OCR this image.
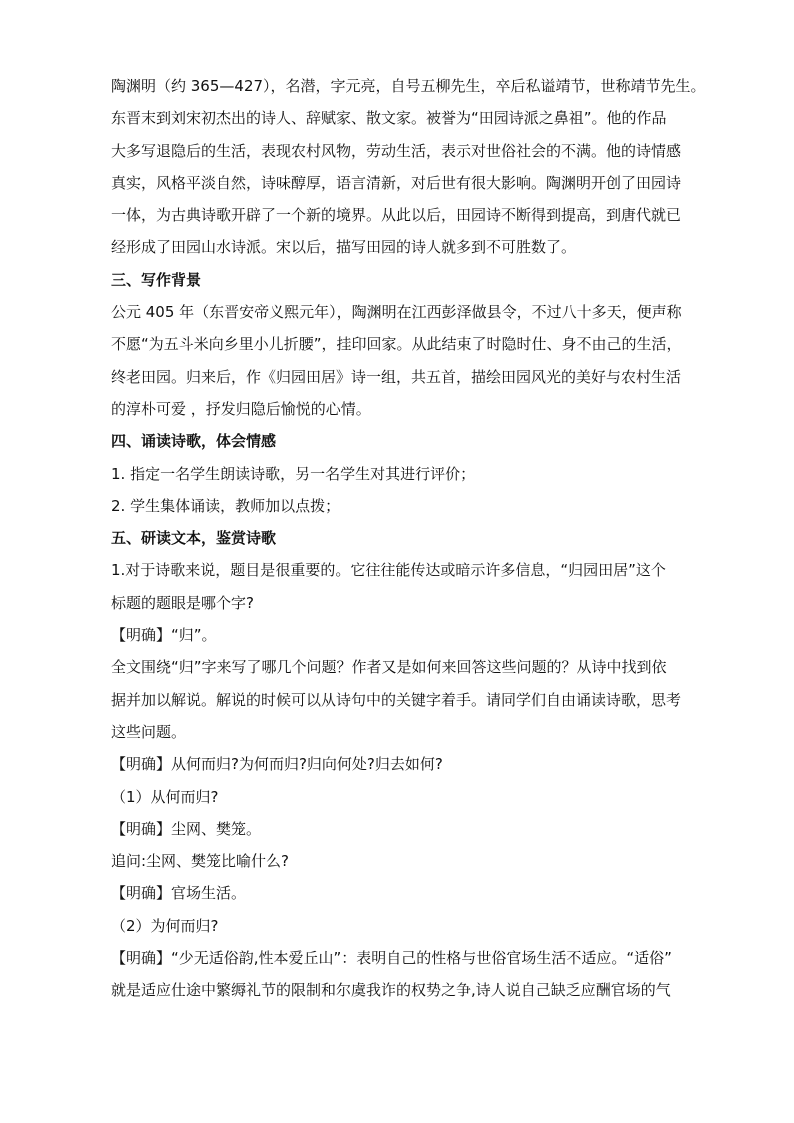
陶渊明（约 365—427），名潜，字元亮，自号五柳先生，卒后私谥靖节，世称靖节先生。
东晋末到刘宋初杰出的诗人、辞赋家、散文家。被誉为“田园诗派之鼻祖”。他的作品
大多写退隐后的生活，表现农村风物，劳动生活，表示对世俗社会的不满。他的诗情感
真实，风格平淡自然，诗味醇厚，语言清新，对后世有很大影响。陶渊明开创了田园诗
一体，为古典诗歌开辟了一个新的境界。从此以后，田园诗不断得到提高，到唐代就已
经形成了田园山水诗派。宋以后，描写田园的诗人就多到不可胜数了。
三、写作背景
公元 405 年（东晋安帝义熙元年），陶渊明在江西彭泽做县令，不过八十多天，便声称
不愿“为五斗米向乡里小儿折腰”，挂印回家。从此结束了时隐时仕、身不由己的生活，
终老田园。归来后，作《归园田居》诗一组，共五首，描绘田园风光的美好与农村生活
的淳朴可爱 ，抒发归隐后愉悦的心情。
四、诵读诗歌，体会情感
1. 指定一名学生朗读诗歌，另一名学生对其进行评价；
2. 学生集体诵读，教师加以点拨；
五、研读文本，鉴赏诗歌
1.对于诗歌来说，题目是很重要的。它往往能传达或暗示许多信息，“归园田居”这个
标题的题眼是哪个字?
【明确】“归”。
全文围绕“归”字来写了哪几个问题？作者又是如何来回答这些问题的？从诗中找到依
据并加以解说。解说的时候可以从诗句中的关键字着手。请同学们自由诵读诗歌，思考
这些问题。
【明确】从何而归?为何而归?归向何处?归去如何?
（1）从何而归?
【明确】尘网、樊笼。
追问:尘网、樊笼比喻什么?
【明确】官场生活。
（2）为何而归?
【明确】“少无适俗韵,性本爱丘山”：表明自己的性格与世俗官场生活不适应。“适俗”
就是适应仕途中繁缛礼节的限制和尔虞我诈的权势之争,诗人说自己缺乏应酬官场的气
